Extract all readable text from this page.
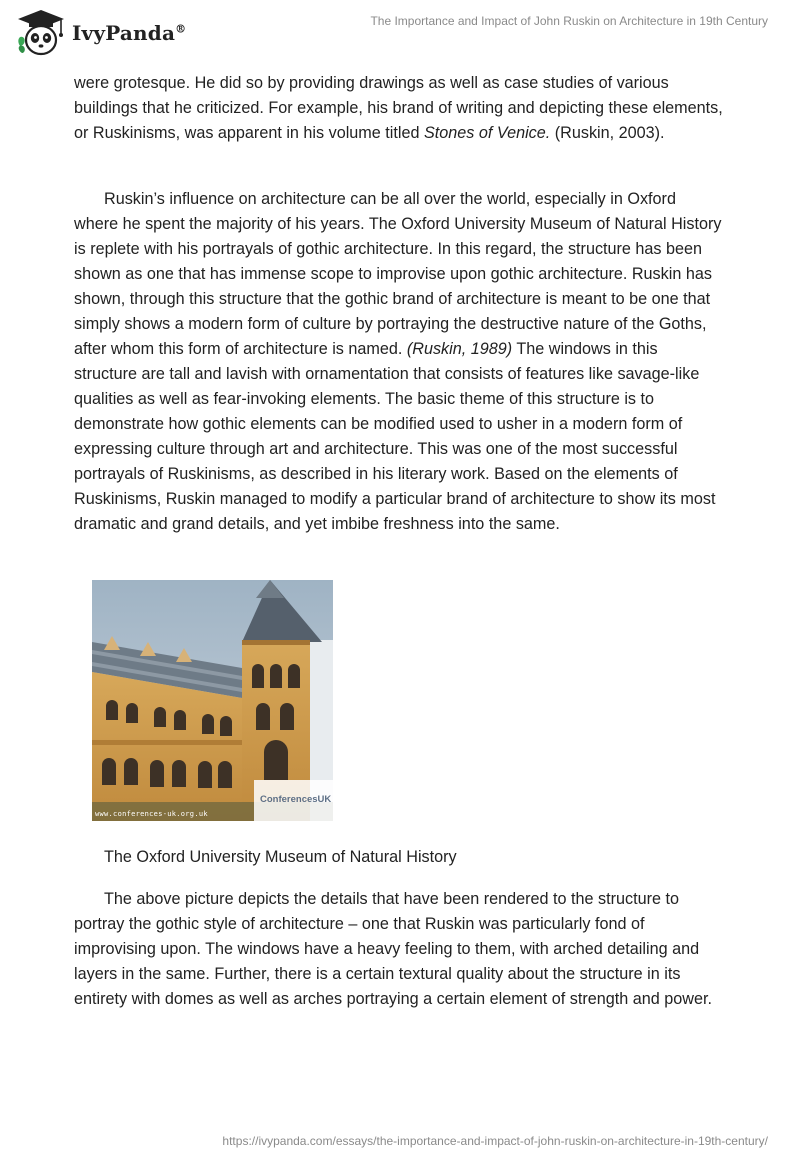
IvyPanda®
The Importance and Impact of John Ruskin on Architecture in 19th Century

were grotesque. He did so by providing drawings as well as case studies of various buildings that he criticized. For example, his brand of writing and depicting these elements, or Ruskinisms, was apparent in his volume titled Stones of Venice. (Ruskin, 2003).

Ruskin’s influence on architecture can be all over the world, especially in Oxford where he spent the majority of his years. The Oxford University Museum of Natural History is replete with his portrayals of gothic architecture. In this regard, the structure has been shown as one that has immense scope to improvise upon gothic architecture. Ruskin has shown, through this structure that the gothic brand of architecture is meant to be one that simply shows a modern form of culture by portraying the destructive nature of the Goths, after whom this form of architecture is named. (Ruskin, 1989) The windows in this structure are tall and lavish with ornamentation that consists of features like savage-like qualities as well as fear-invoking elements. The basic theme of this structure is to demonstrate how gothic elements can be modified used to usher in a modern form of expressing culture through art and architecture. This was one of the most successful portrayals of Ruskinisms, as described in his literary work. Based on the elements of Ruskinisms, Ruskin managed to modify a particular brand of architecture to show its most dramatic and grand details, and yet imbibe freshness into the same.

www.conferences-uk.org.uk
ConferencesUK
The Oxford University Museum of Natural History

The above picture depicts the details that have been rendered to the structure to portray the gothic style of architecture – one that Ruskin was particularly fond of improvising upon. The windows have a heavy feeling to them, with arched detailing and layers in the same. Further, there is a certain textural quality about the structure in its entirety with domes as well as arches portraying a certain element of strength and power.

https://ivypanda.com/essays/the-importance-and-impact-of-john-ruskin-on-architecture-in-19th-century/
